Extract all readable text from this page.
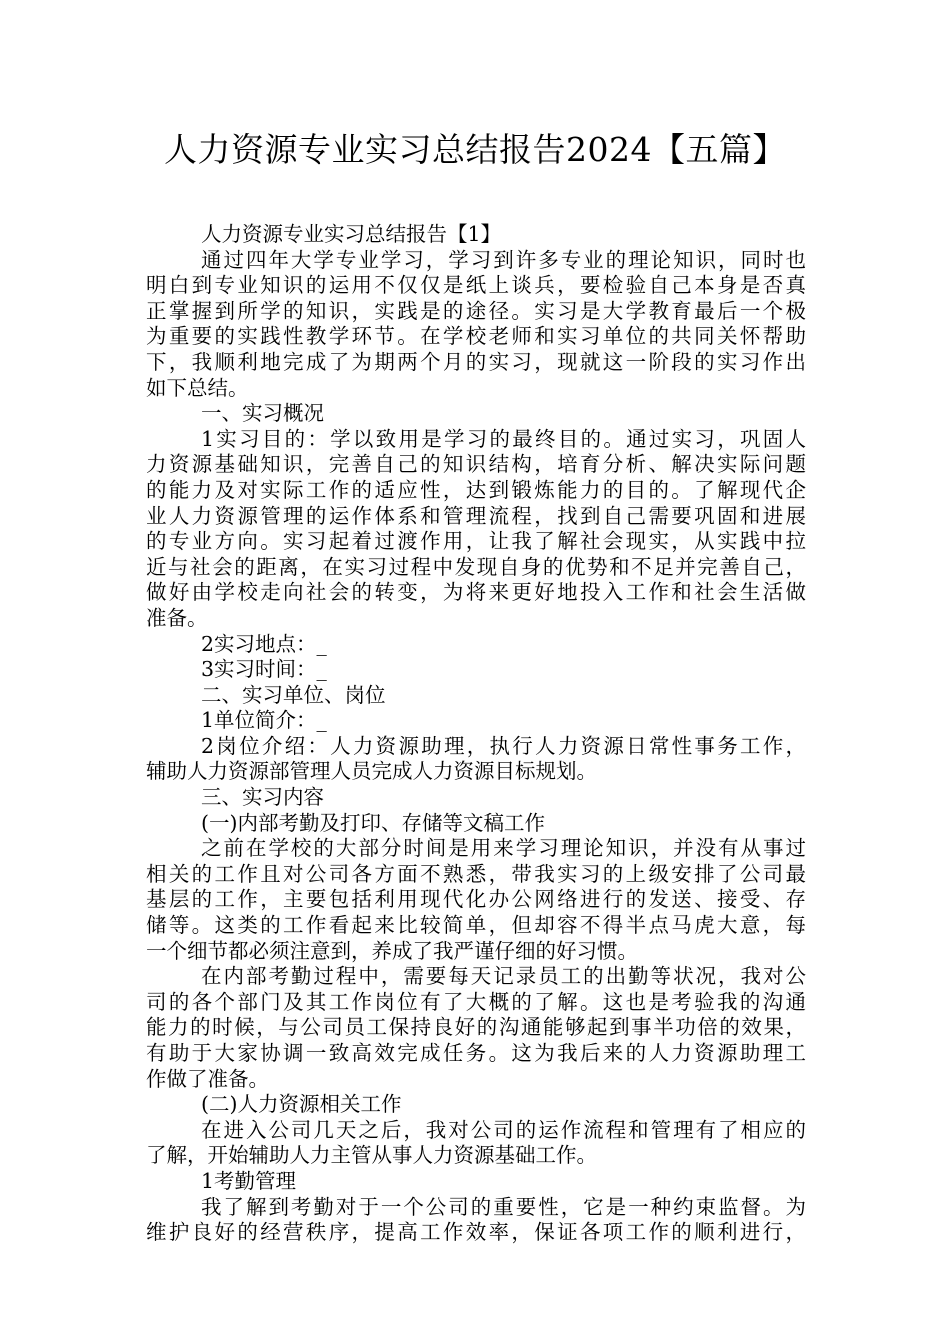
人力资源专业实习总结报告2024【五篇】
人力资源专业实习总结报告【1】
通过四年大学专业学习，学习到许多专业的理论知识，同时也
明白到专业知识的运用不仅仅是纸上谈兵，要检验自己本身是否真
正掌握到所学的知识，实践是的途径。实习是大学教育最后一个极
为重要的实践性教学环节。在学校老师和实习单位的共同关怀帮助
下，我顺利地完成了为期两个月的实习，现就这一阶段的实习作出
如下总结。
一、实习概况
1实习目的：学以致用是学习的最终目的。通过实习，巩固人
力资源基础知识，完善自己的知识结构，培育分析、解决实际问题
的能力及对实际工作的适应性，达到锻炼能力的目的。了解现代企
业人力资源管理的运作体系和管理流程，找到自己需要巩固和进展
的专业方向。实习起着过渡作用，让我了解社会现实，从实践中拉
近与社会的距离，在实习过程中发现自身的优势和不足并完善自己，
做好由学校走向社会的转变，为将来更好地投入工作和社会生活做
准备。
2实习地点：_
3实习时间：_
二、实习单位、岗位
1单位简介：_
2岗位介绍：人力资源助理，执行人力资源日常性事务工作，
辅助人力资源部管理人员完成人力资源目标规划。
三、实习内容
(一)内部考勤及打印、存储等文稿工作
之前在学校的大部分时间是用来学习理论知识，并没有从事过
相关的工作且对公司各方面不熟悉，带我实习的上级安排了公司最
基层的工作，主要包括利用现代化办公网络进行的发送、接受、存
储等。这类的工作看起来比较简单，但却容不得半点马虎大意，每
一个细节都必须注意到，养成了我严谨仔细的好习惯。
在内部考勤过程中，需要每天记录员工的出勤等状况，我对公
司的各个部门及其工作岗位有了大概的了解。这也是考验我的沟通
能力的时候，与公司员工保持良好的沟通能够起到事半功倍的效果，
有助于大家协调一致高效完成任务。这为我后来的人力资源助理工
作做了准备。
(二)人力资源相关工作
在进入公司几天之后，我对公司的运作流程和管理有了相应的
了解，开始辅助人力主管从事人力资源基础工作。
1考勤管理
我了解到考勤对于一个公司的重要性，它是一种约束监督。为
维护良好的经营秩序，提高工作效率，保证各项工作的顺利进行，
